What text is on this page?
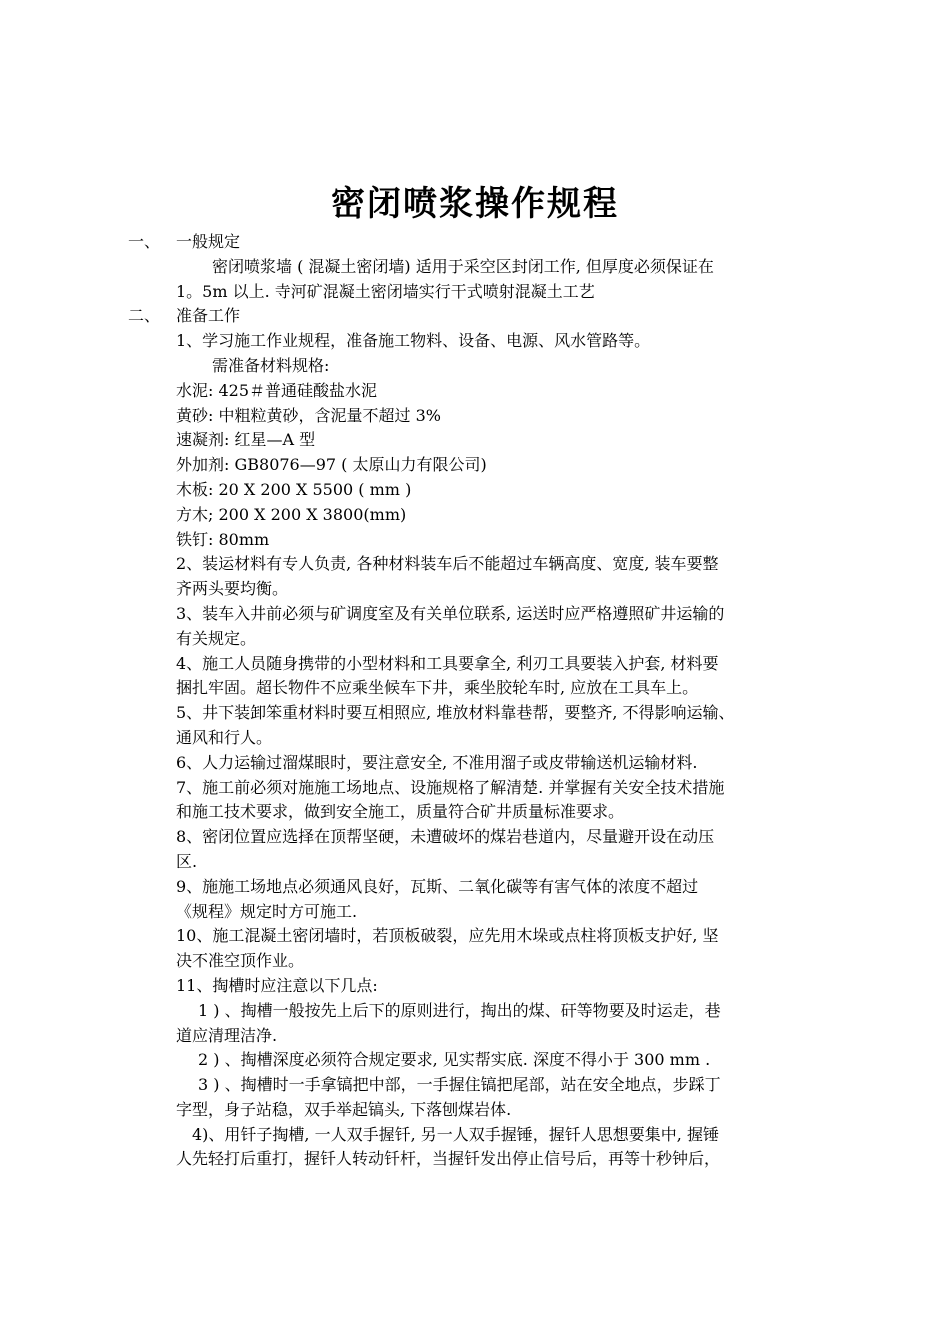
密闭喷浆操作规程
一、 一般规定
密闭喷浆墙 ( 混凝土密闭墙) 适用于采空区封闭工作, 但厚度必须保证在
1。5m 以上. 寺河矿混凝土密闭墙实行干式喷射混凝土工艺
二、 准备工作
1、学习施工作业规程，准备施工物料、设备、电源、风水管路等。
需准备材料规格:
水泥: 425＃普通硅酸盐水泥
黄砂: 中粗粒黄砂，含泥量不超过 3%
速凝剂: 红星—A 型
外加剂: GB8076—97 ( 太原山力有限公司)
木板: 20 X 200 X 5500 ( mm )
方木; 200 X 200 X 3800(mm)
铁钉: 80mm
2、装运材料有专人负责, 各种材料装车后不能超过车辆高度、宽度, 装车要整
齐两头要均衡。
3、装车入井前必须与矿调度室及有关单位联系, 运送时应严格遵照矿井运输的
有关规定。
4、施工人员随身携带的小型材料和工具要拿全, 利刃工具要装入护套, 材料要
捆扎牢固。超长物件不应乘坐候车下井，乘坐胶轮车时, 应放在工具车上。
5、井下装卸笨重材料时要互相照应, 堆放材料靠巷帮，要整齐, 不得影响运输、
通风和行人。
6、人力运输过溜煤眼时，要注意安全, 不准用溜子或皮带输送机运输材料.
7、施工前必须对施施工场地点、设施规格了解清楚. 并掌握有关安全技术措施
和施工技术要求，做到安全施工，质量符合矿井质量标准要求。
8、密闭位置应选择在顶帮坚硬，未遭破坏的煤岩巷道内，尽量避开设在动压
区.
9、施施工场地点必须通风良好，瓦斯、二氧化碳等有害气体的浓度不超过
《规程》规定时方可施工.
10、施工混凝土密闭墙时，若顶板破裂，应先用木垛或点柱将顶板支护好, 坚
决不准空顶作业。
11、掏槽时应注意以下几点:
1 ) 、掏槽一般按先上后下的原则进行，掏出的煤、矸等物要及时运走，巷
道应清理洁净.
2 ) 、掏槽深度必须符合规定要求, 见实帮实底. 深度不得小于 300 mm .
3 ) 、掏槽时一手拿镐把中部，一手握住镐把尾部，站在安全地点，步踩丁
字型，身子站稳，双手举起镐头, 下落刨煤岩体.
4)、用钎子掏槽, 一人双手握钎, 另一人双手握锤，握钎人思想要集中, 握锤
人先轻打后重打，握钎人转动钎杆，当握钎发出停止信号后，再等十秒钟后，
